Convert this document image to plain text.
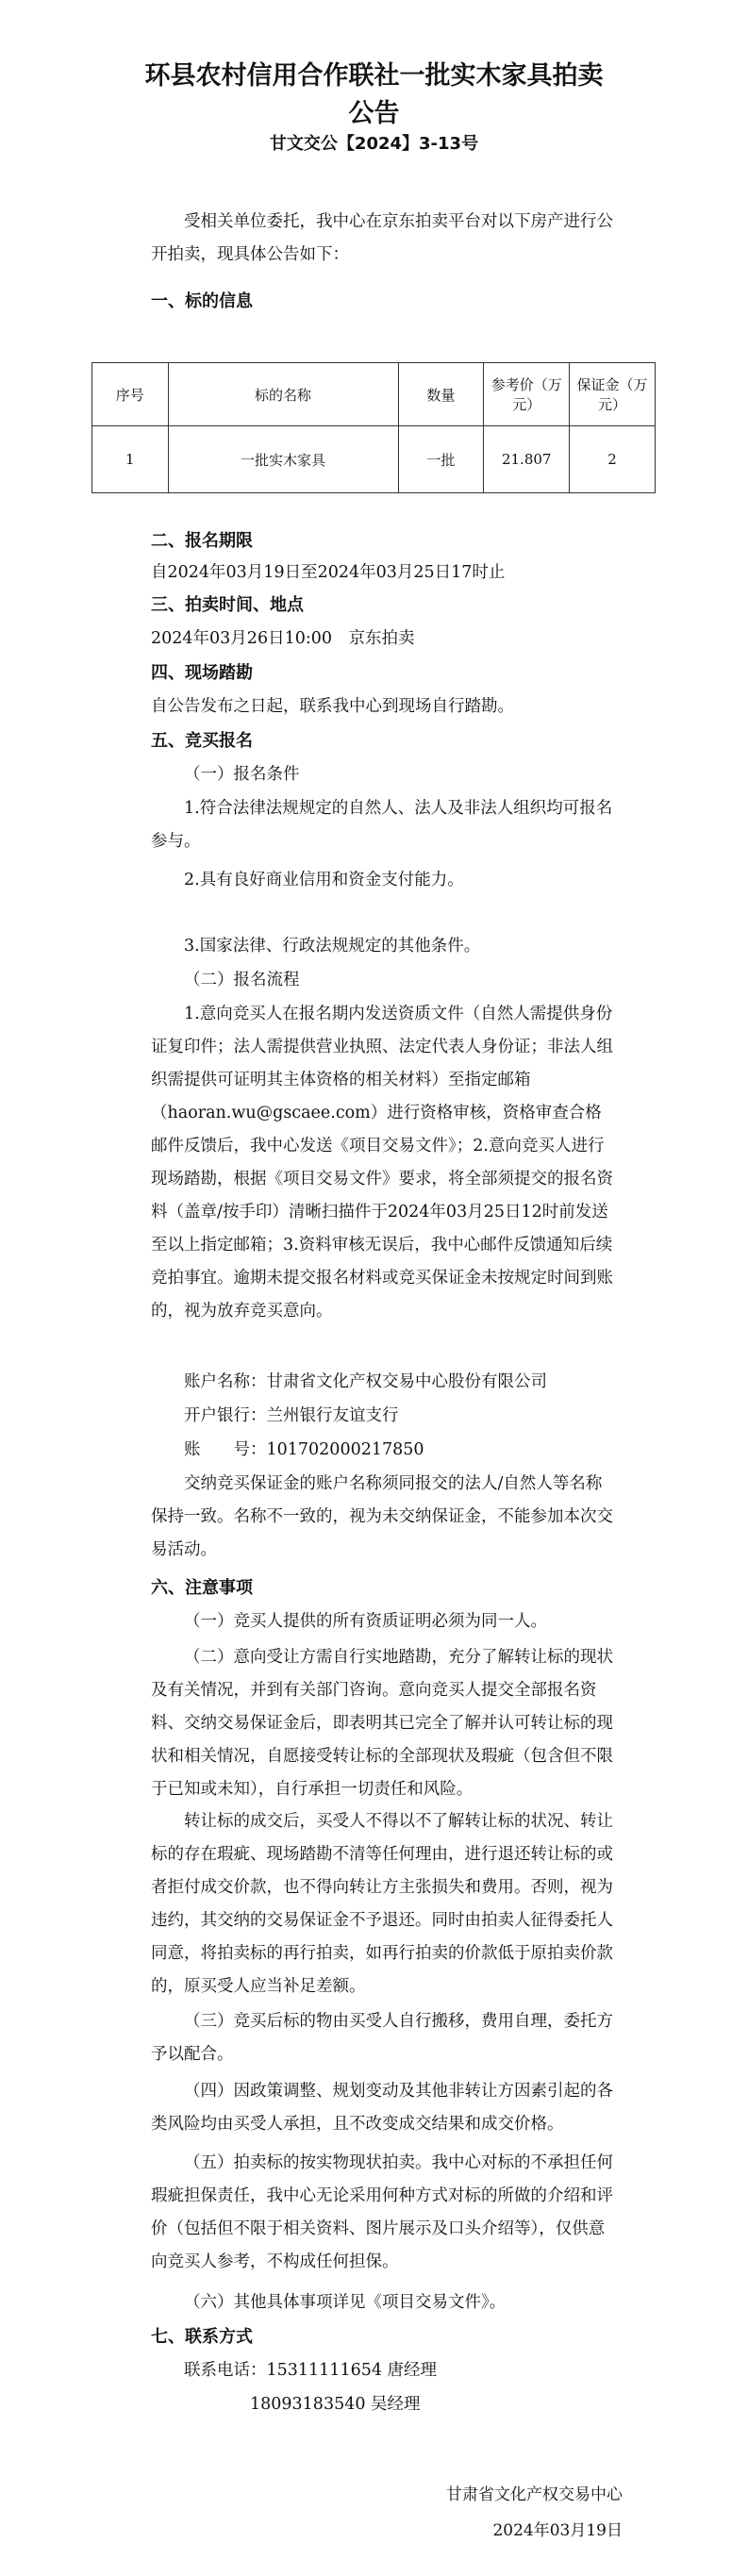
环县农村信用合作联社一批实木家具拍卖
公告
甘文交公【2024】3-13号

受相关单位委托，我中心在京东拍卖平台对以下房产进行公开拍卖，现具体公告如下：

一、标的信息

序号	标的名称	数量	参考价（万元）	保证金（万元）
1	一批实木家具	一批	21.807	2

二、报名期限

自2024年03月19日至2024年03月25日17时止

三、拍卖时间、地点

2024年03月26日10:00　京东拍卖

四、现场踏勘

自公告发布之日起，联系我中心到现场自行踏勘。

五、竞买报名

（一）报名条件

1.符合法律法规规定的自然人、法人及非法人组织均可报名参与。

2.具有良好商业信用和资金支付能力。

3.国家法律、行政法规规定的其他条件。

（二）报名流程

1.意向竞买人在报名期内发送资质文件（自然人需提供身份证复印件；法人需提供营业执照、法定代表人身份证；非法人组织需提供可证明其主体资格的相关材料）至指定邮箱（haoran.wu@gscaee.com）进行资格审核，资格审查合格邮件反馈后，我中心发送《项目交易文件》；2.意向竞买人进行现场踏勘，根据《项目交易文件》要求，将全部须提交的报名资料（盖章/按手印）清晰扫描件于2024年03月25日12时前发送至以上指定邮箱；3.资料审核无误后，我中心邮件反馈通知后续竞拍事宜。逾期未提交报名材料或竞买保证金未按规定时间到账的，视为放弃竞买意向。

账户名称：甘肃省文化产权交易中心股份有限公司

开户银行：兰州银行友谊支行

账　　号：101702000217850

交纳竞买保证金的账户名称须同报交的法人/自然人等名称保持一致。名称不一致的，视为未交纳保证金，不能参加本次交易活动。

六、注意事项

（一）竞买人提供的所有资质证明必须为同一人。

（二）意向受让方需自行实地踏勘，充分了解转让标的现状及有关情况，并到有关部门咨询。意向竞买人提交全部报名资料、交纳交易保证金后，即表明其已完全了解并认可转让标的现状和相关情况，自愿接受转让标的全部现状及瑕疵（包含但不限于已知或未知），自行承担一切责任和风险。

转让标的成交后，买受人不得以不了解转让标的状况、转让标的存在瑕疵、现场踏勘不清等任何理由，进行退还转让标的或者拒付成交价款，也不得向转让方主张损失和费用。否则，视为违约，其交纳的交易保证金不予退还。同时由拍卖人征得委托人同意，将拍卖标的再行拍卖，如再行拍卖的价款低于原拍卖价款的，原买受人应当补足差额。

（三）竞买后标的物由买受人自行搬移，费用自理，委托方予以配合。

（四）因政策调整、规划变动及其他非转让方因素引起的各类风险均由买受人承担，且不改变成交结果和成交价格。

（五）拍卖标的按实物现状拍卖。我中心对标的不承担任何瑕疵担保责任，我中心无论采用何种方式对标的所做的介绍和评价（包括但不限于相关资料、图片展示及口头介绍等），仅供意向竞买人参考，不构成任何担保。

（六）其他具体事项详见《项目交易文件》。

七、联系方式

联系电话：15311111654 唐经理

18093183540 吴经理

甘肃省文化产权交易中心
2024年03月19日
